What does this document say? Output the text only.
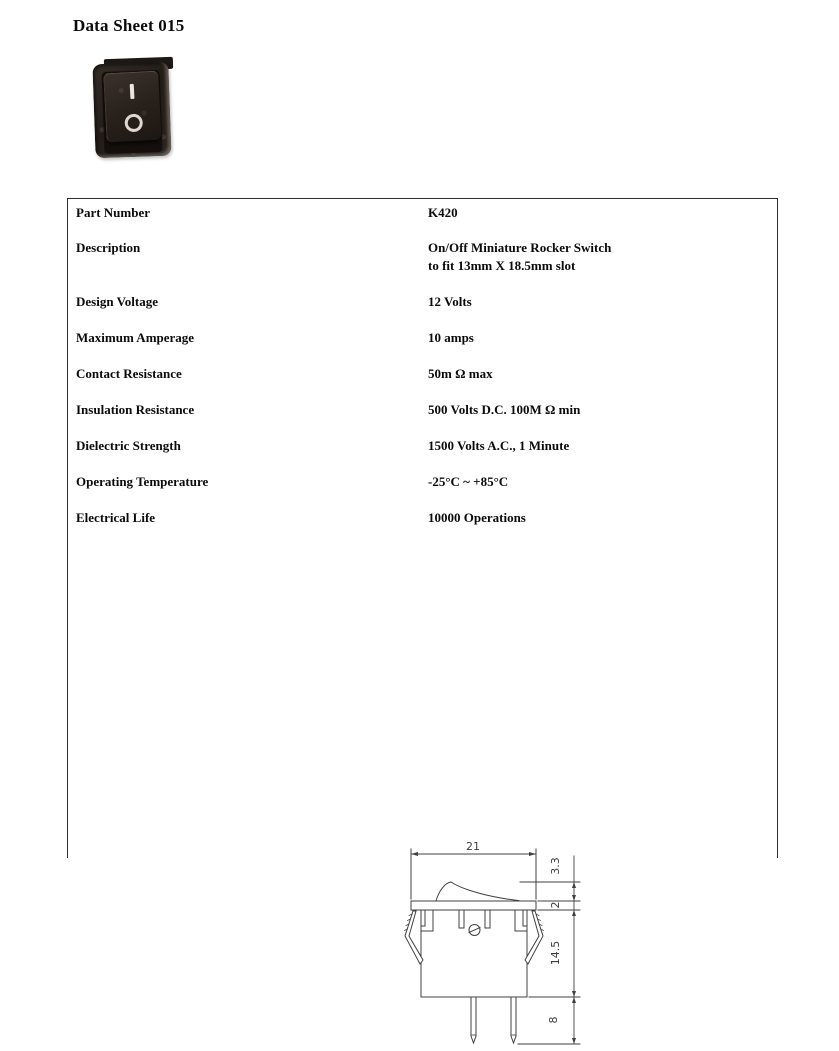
Data Sheet 015
Part Number	K420
Description	On/Off Miniature Rocker Switch
to fit 13mm X 18.5mm slot
Design Voltage	12 Volts
Maximum Amperage	10 amps
Contact Resistance	50m Ω max
Insulation Resistance	500 Volts D.C. 100M Ω min
Dielectric Strength	1500 Volts A.C., 1 Minute
Operating Temperature	-25°C ~ +85°C
Electrical Life	10000 Operations
21
3.3
2
14.5
8
